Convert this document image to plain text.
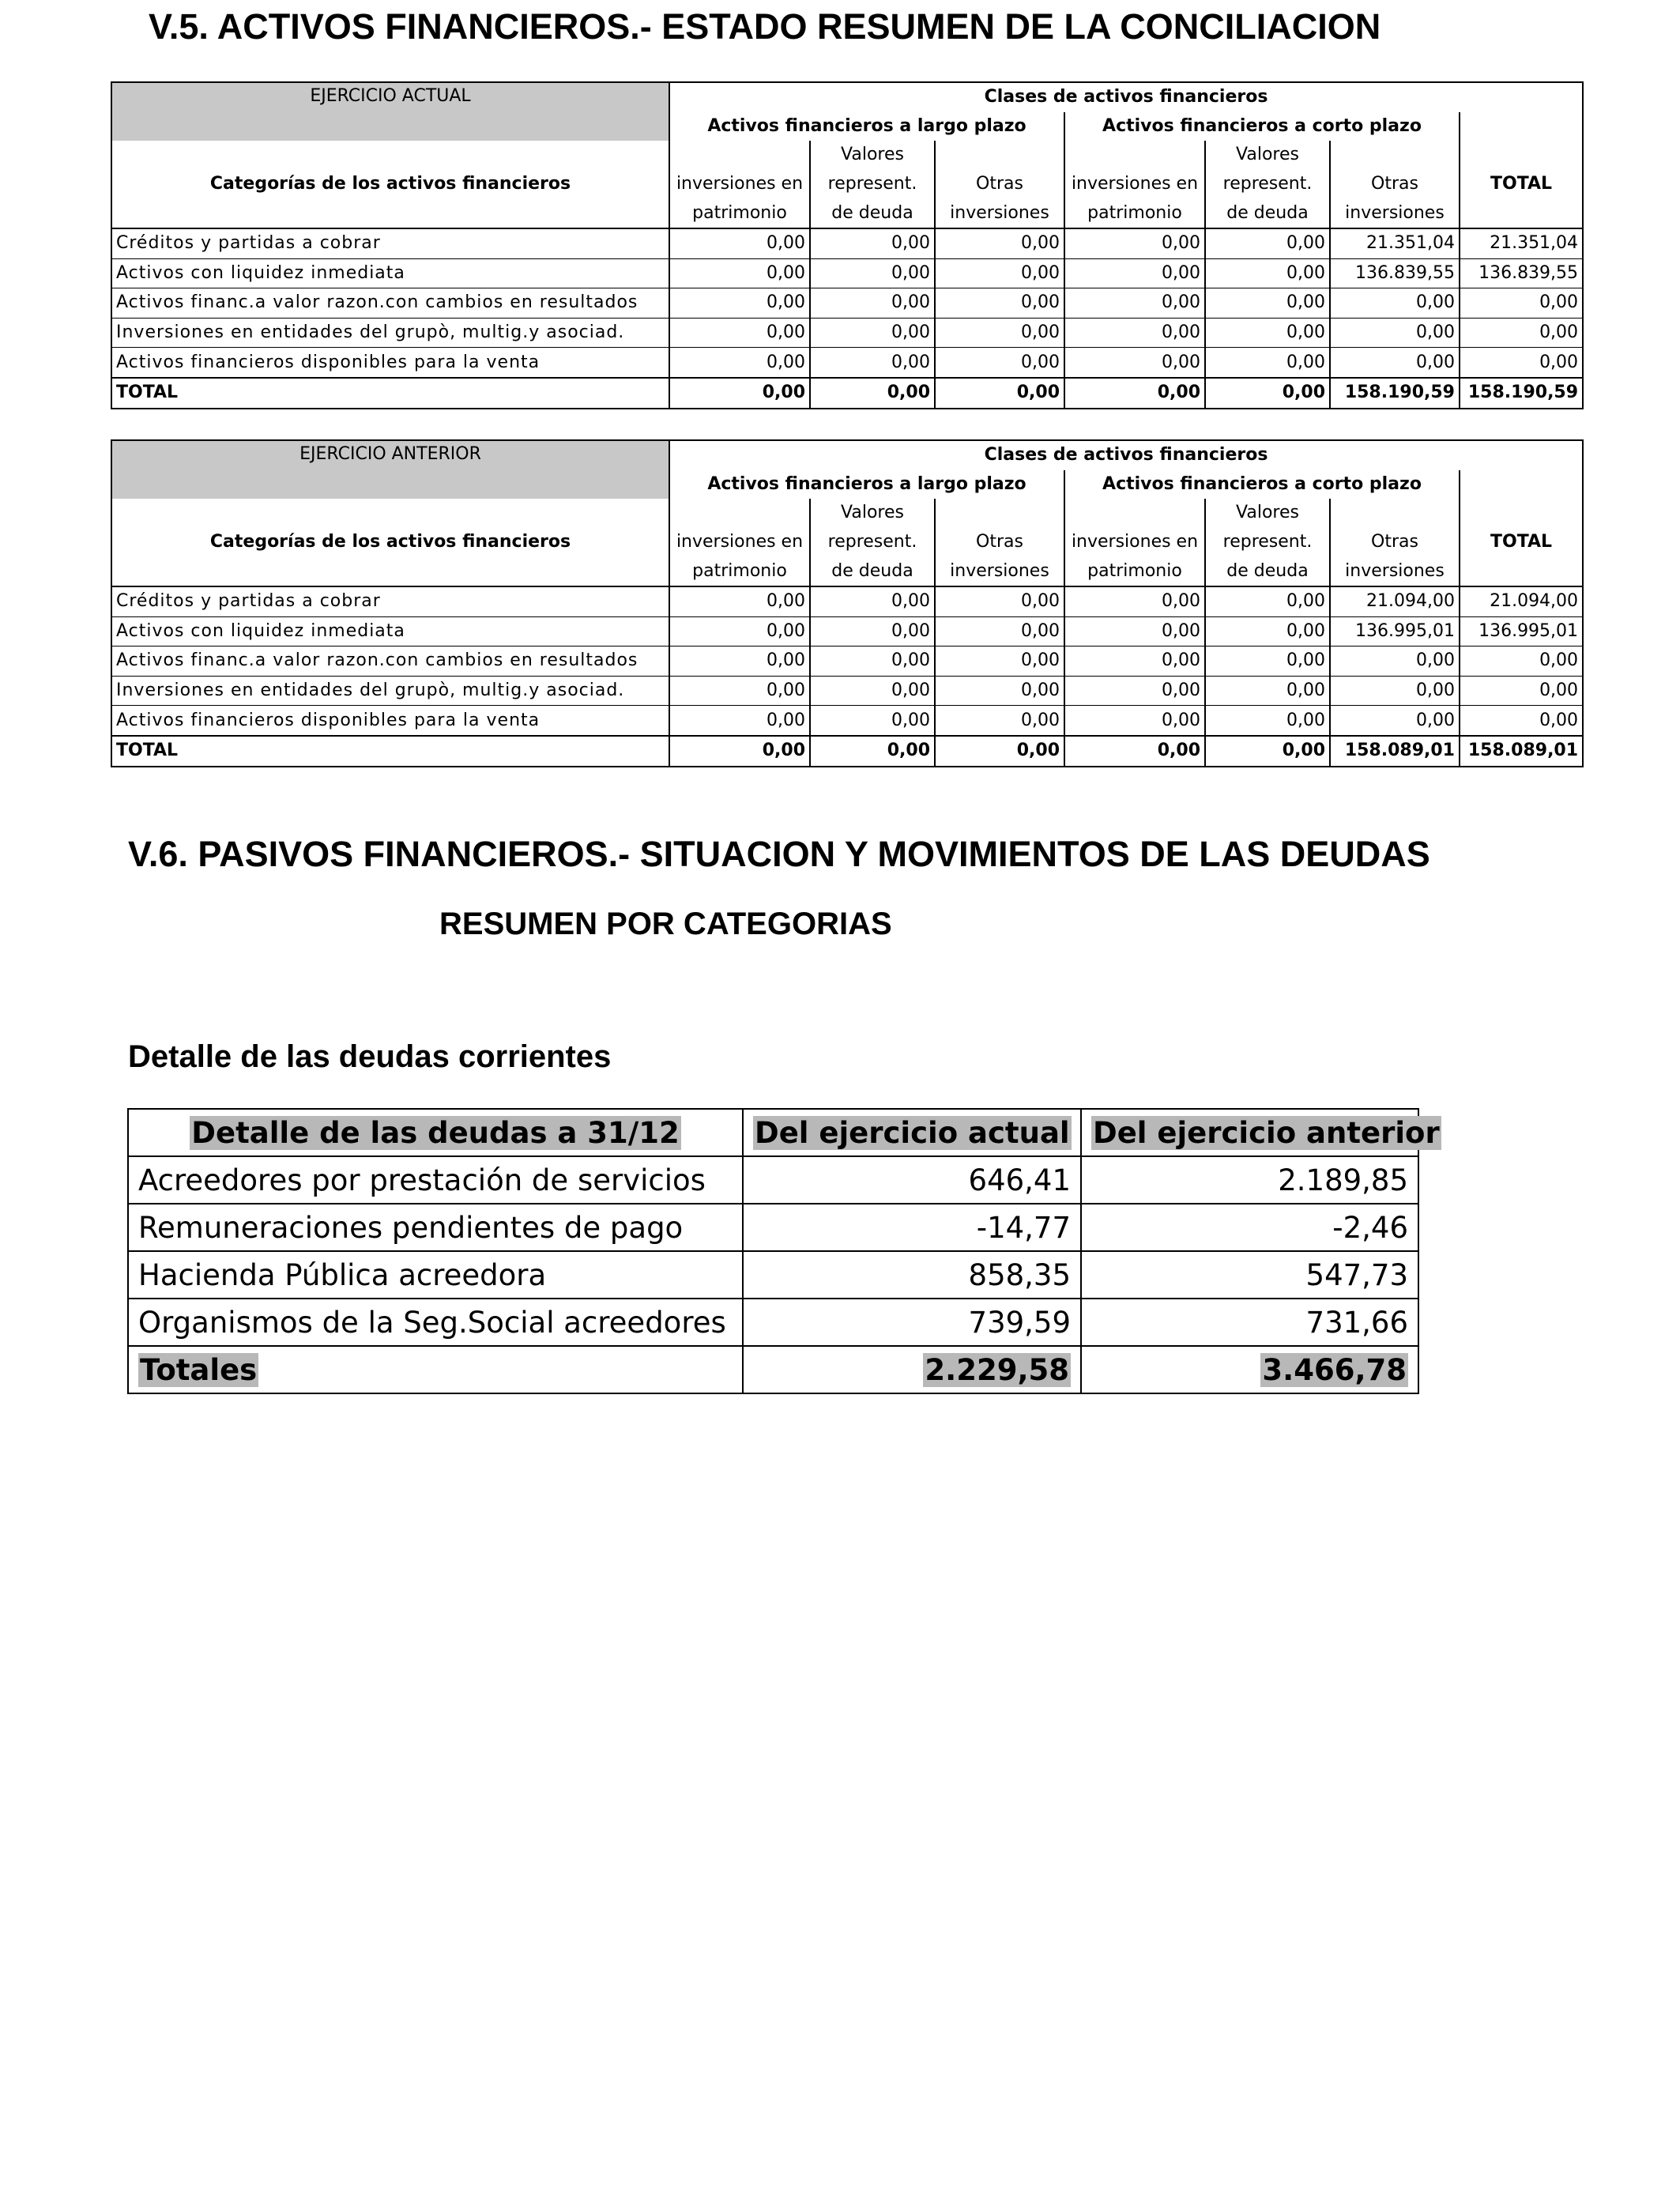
V.5. ACTIVOS FINANCIEROS.- ESTADO RESUMEN DE LA CONCILIACION
EJERCICIO ACTUAL	Clases de activos financieros						
	Activos financieros a largo plazo			Activos financieros a corto plazo			
		Valores			Valores		
Categorías de los activos financieros	inversiones en	represent.	Otras	inversiones en	represent.	Otras	TOTAL
	patrimonio	de deuda	inversiones	patrimonio	de deuda	inversiones	
Créditos y partidas a cobrar	0,00	0,00	0,00	0,00	0,00	21.351,04	21.351,04
Activos con liquidez inmediata	0,00	0,00	0,00	0,00	0,00	136.839,55	136.839,55
Activos financ.a valor razon.con cambios en resultados	0,00	0,00	0,00	0,00	0,00	0,00	0,00
Inversiones en entidades del grupò, multig.y asociad.	0,00	0,00	0,00	0,00	0,00	0,00	0,00
Activos financieros disponibles para la venta	0,00	0,00	0,00	0,00	0,00	0,00	0,00
TOTAL	0,00	0,00	0,00	0,00	0,00	158.190,59	158.190,59
EJERCICIO ANTERIOR	Clases de activos financieros						
	Activos financieros a largo plazo			Activos financieros a corto plazo			
		Valores			Valores		
Categorías de los activos financieros	inversiones en	represent.	Otras	inversiones en	represent.	Otras	TOTAL
	patrimonio	de deuda	inversiones	patrimonio	de deuda	inversiones	
Créditos y partidas a cobrar	0,00	0,00	0,00	0,00	0,00	21.094,00	21.094,00
Activos con liquidez inmediata	0,00	0,00	0,00	0,00	0,00	136.995,01	136.995,01
Activos financ.a valor razon.con cambios en resultados	0,00	0,00	0,00	0,00	0,00	0,00	0,00
Inversiones en entidades del grupò, multig.y asociad.	0,00	0,00	0,00	0,00	0,00	0,00	0,00
Activos financieros disponibles para la venta	0,00	0,00	0,00	0,00	0,00	0,00	0,00
TOTAL	0,00	0,00	0,00	0,00	0,00	158.089,01	158.089,01
V.6. PASIVOS FINANCIEROS.- SITUACION Y MOVIMIENTOS DE LAS DEUDAS
RESUMEN POR CATEGORIAS
Detalle de las deudas corrientes
Detalle de las deudas a 31/12	Del ejercicio actual	Del ejercicio anterior
Acreedores por prestación de servicios	646,41	2.189,85
Remuneraciones pendientes de pago	-14,77	-2,46
Hacienda Pública acreedora	858,35	547,73
Organismos de la Seg.Social acreedores	739,59	731,66
Totales	2.229,58	3.466,78
